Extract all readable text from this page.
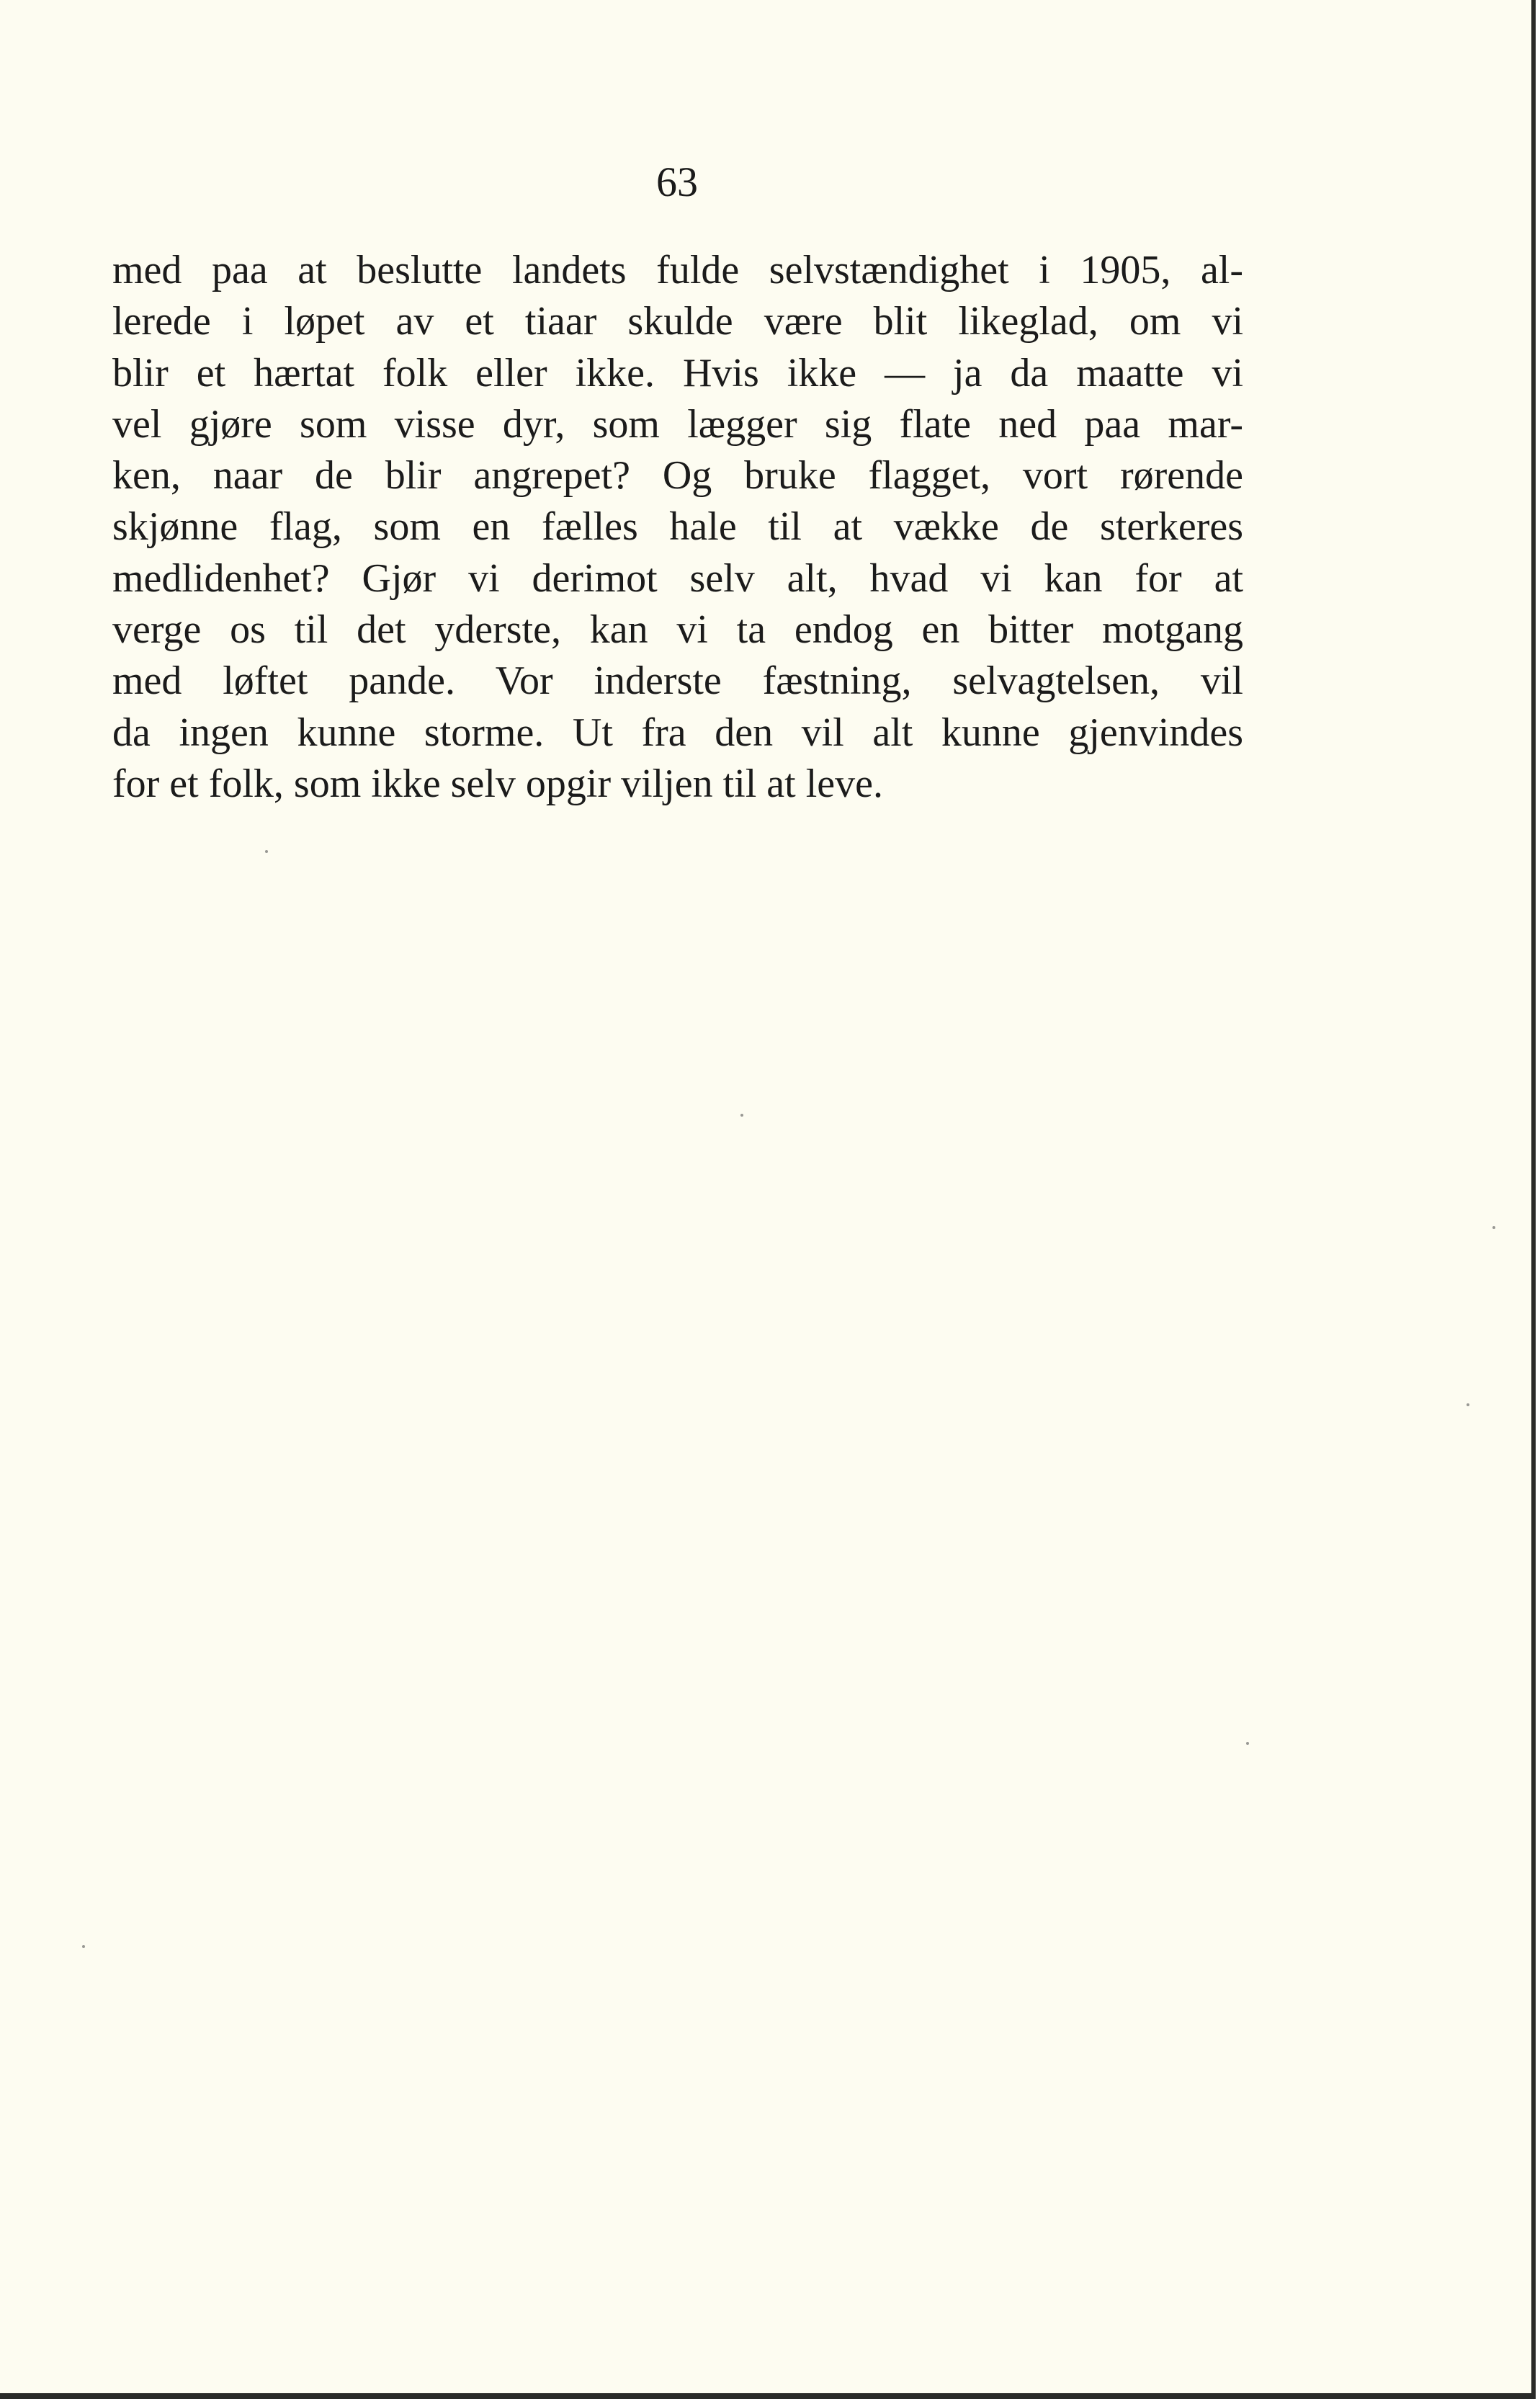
63

med paa at beslutte landets fulde selvstændighet i 1905, al-
lerede i løpet av et tiaar skulde være blit likeglad, om vi
blir et hærtat folk eller ikke. Hvis ikke — ja da maatte vi
vel gjøre som visse dyr, som lægger sig flate ned paa mar-
ken, naar de blir angrepet? Og bruke flagget, vort rørende
skjønne flag, som en fælles hale til at vække de sterkeres
medlidenhet? Gjør vi derimot selv alt, hvad vi kan for at
verge os til det yderste, kan vi ta endog en bitter motgang
med løftet pande. Vor inderste fæstning, selvagtelsen, vil
da ingen kunne storme. Ut fra den vil alt kunne gjenvindes
for et folk, som ikke selv opgir viljen til at leve.
